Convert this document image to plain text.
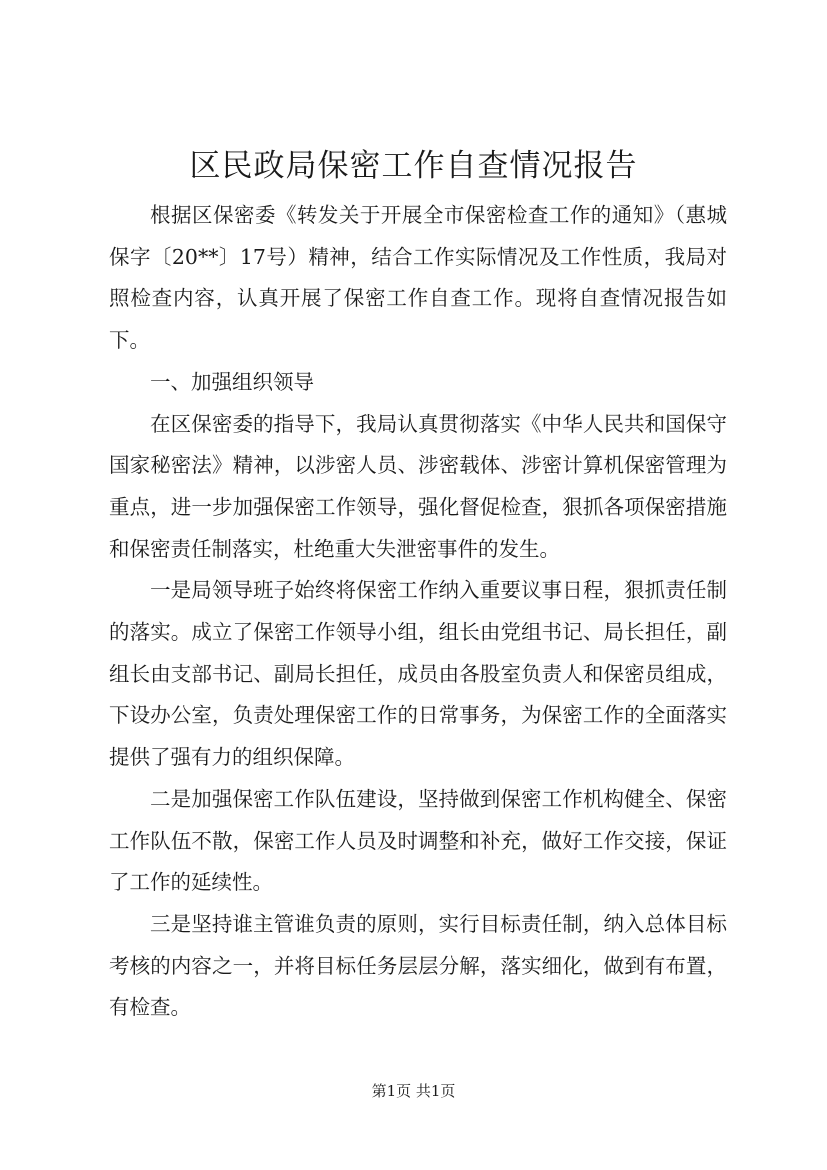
区民政局保密工作自查情况报告

根据区保密委《转发关于开展全市保密检查工作的通知》（惠城保字〔20**〕17号）精神，结合工作实际情况及工作性质，我局对照检查内容，认真开展了保密工作自查工作。现将自查情况报告如下。

一、加强组织领导

在区保密委的指导下，我局认真贯彻落实《中华人民共和国保守国家秘密法》精神，以涉密人员、涉密载体、涉密计算机保密管理为重点，进一步加强保密工作领导，强化督促检查，狠抓各项保密措施和保密责任制落实，杜绝重大失泄密事件的发生。

一是局领导班子始终将保密工作纳入重要议事日程，狠抓责任制的落实。成立了保密工作领导小组，组长由党组书记、局长担任，副组长由支部书记、副局长担任，成员由各股室负责人和保密员组成，下设办公室，负责处理保密工作的日常事务，为保密工作的全面落实提供了强有力的组织保障。

二是加强保密工作队伍建设，坚持做到保密工作机构健全、保密工作队伍不散，保密工作人员及时调整和补充，做好工作交接，保证了工作的延续性。

三是坚持谁主管谁负责的原则，实行目标责任制，纳入总体目标考核的内容之一，并将目标任务层层分解，落实细化，做到有布置，有检查。

第1页 共1页
